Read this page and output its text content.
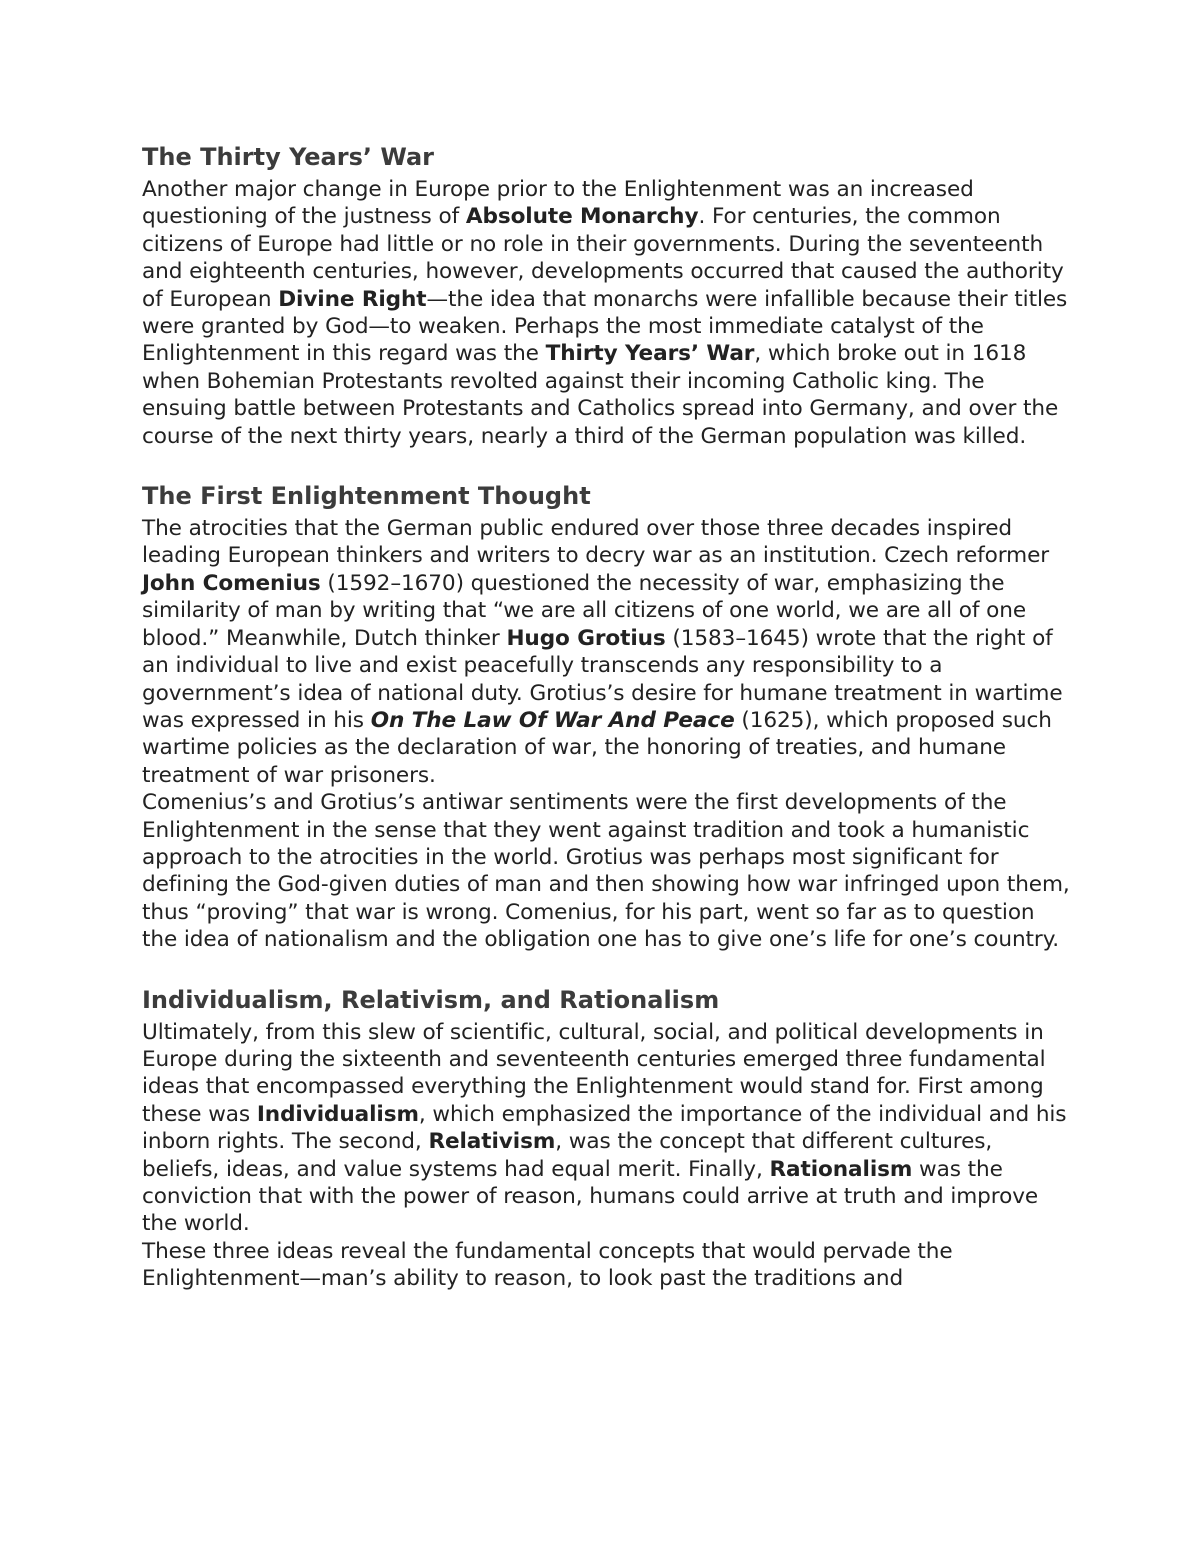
The Thirty Years’ War

Another major change in Europe prior to the Enlightenment was an increased questioning of the justness of Absolute Monarchy. For centuries, the common citizens of Europe had little or no role in their governments. During the seventeenth and eighteenth centuries, however, developments occurred that caused the authority of European Divine Right—the idea that monarchs were infallible because their titles were granted by God—to weaken. Perhaps the most immediate catalyst of the Enlightenment in this regard was the Thirty Years’ War, which broke out in 1618 when Bohemian Protestants revolted against their incoming Catholic king. The ensuing battle between Protestants and Catholics spread into Germany, and over the course of the next thirty years, nearly a third of the German population was killed.

The First Enlightenment Thought

The atrocities that the German public endured over those three decades inspired leading European thinkers and writers to decry war as an institution. Czech reformer John Comenius (1592–1670) questioned the necessity of war, emphasizing the similarity of man by writing that “we are all citizens of one world, we are all of one blood.” Meanwhile, Dutch thinker Hugo Grotius (1583–1645) wrote that the right of an individual to live and exist peacefully transcends any responsibility to a government’s idea of national duty. Grotius’s desire for humane treatment in wartime was expressed in his On The Law Of War And Peace (1625), which proposed such wartime policies as the declaration of war, the honoring of treaties, and humane treatment of war prisoners.

Comenius’s and Grotius’s antiwar sentiments were the first developments of the Enlightenment in the sense that they went against tradition and took a humanistic approach to the atrocities in the world. Grotius was perhaps most significant for defining the God-given duties of man and then showing how war infringed upon them, thus “proving” that war is wrong. Comenius, for his part, went so far as to question the idea of nationalism and the obligation one has to give one’s life for one’s country.

Individualism, Relativism, and Rationalism

Ultimately, from this slew of scientific, cultural, social, and political developments in Europe during the sixteenth and seventeenth centuries emerged three fundamental ideas that encompassed everything the Enlightenment would stand for. First among these was Individualism, which emphasized the importance of the individual and his inborn rights. The second, Relativism, was the concept that different cultures, beliefs, ideas, and value systems had equal merit. Finally, Rationalism was the conviction that with the power of reason, humans could arrive at truth and improve the world.

These three ideas reveal the fundamental concepts that would pervade the Enlightenment—man’s ability to reason, to look past the traditions and
